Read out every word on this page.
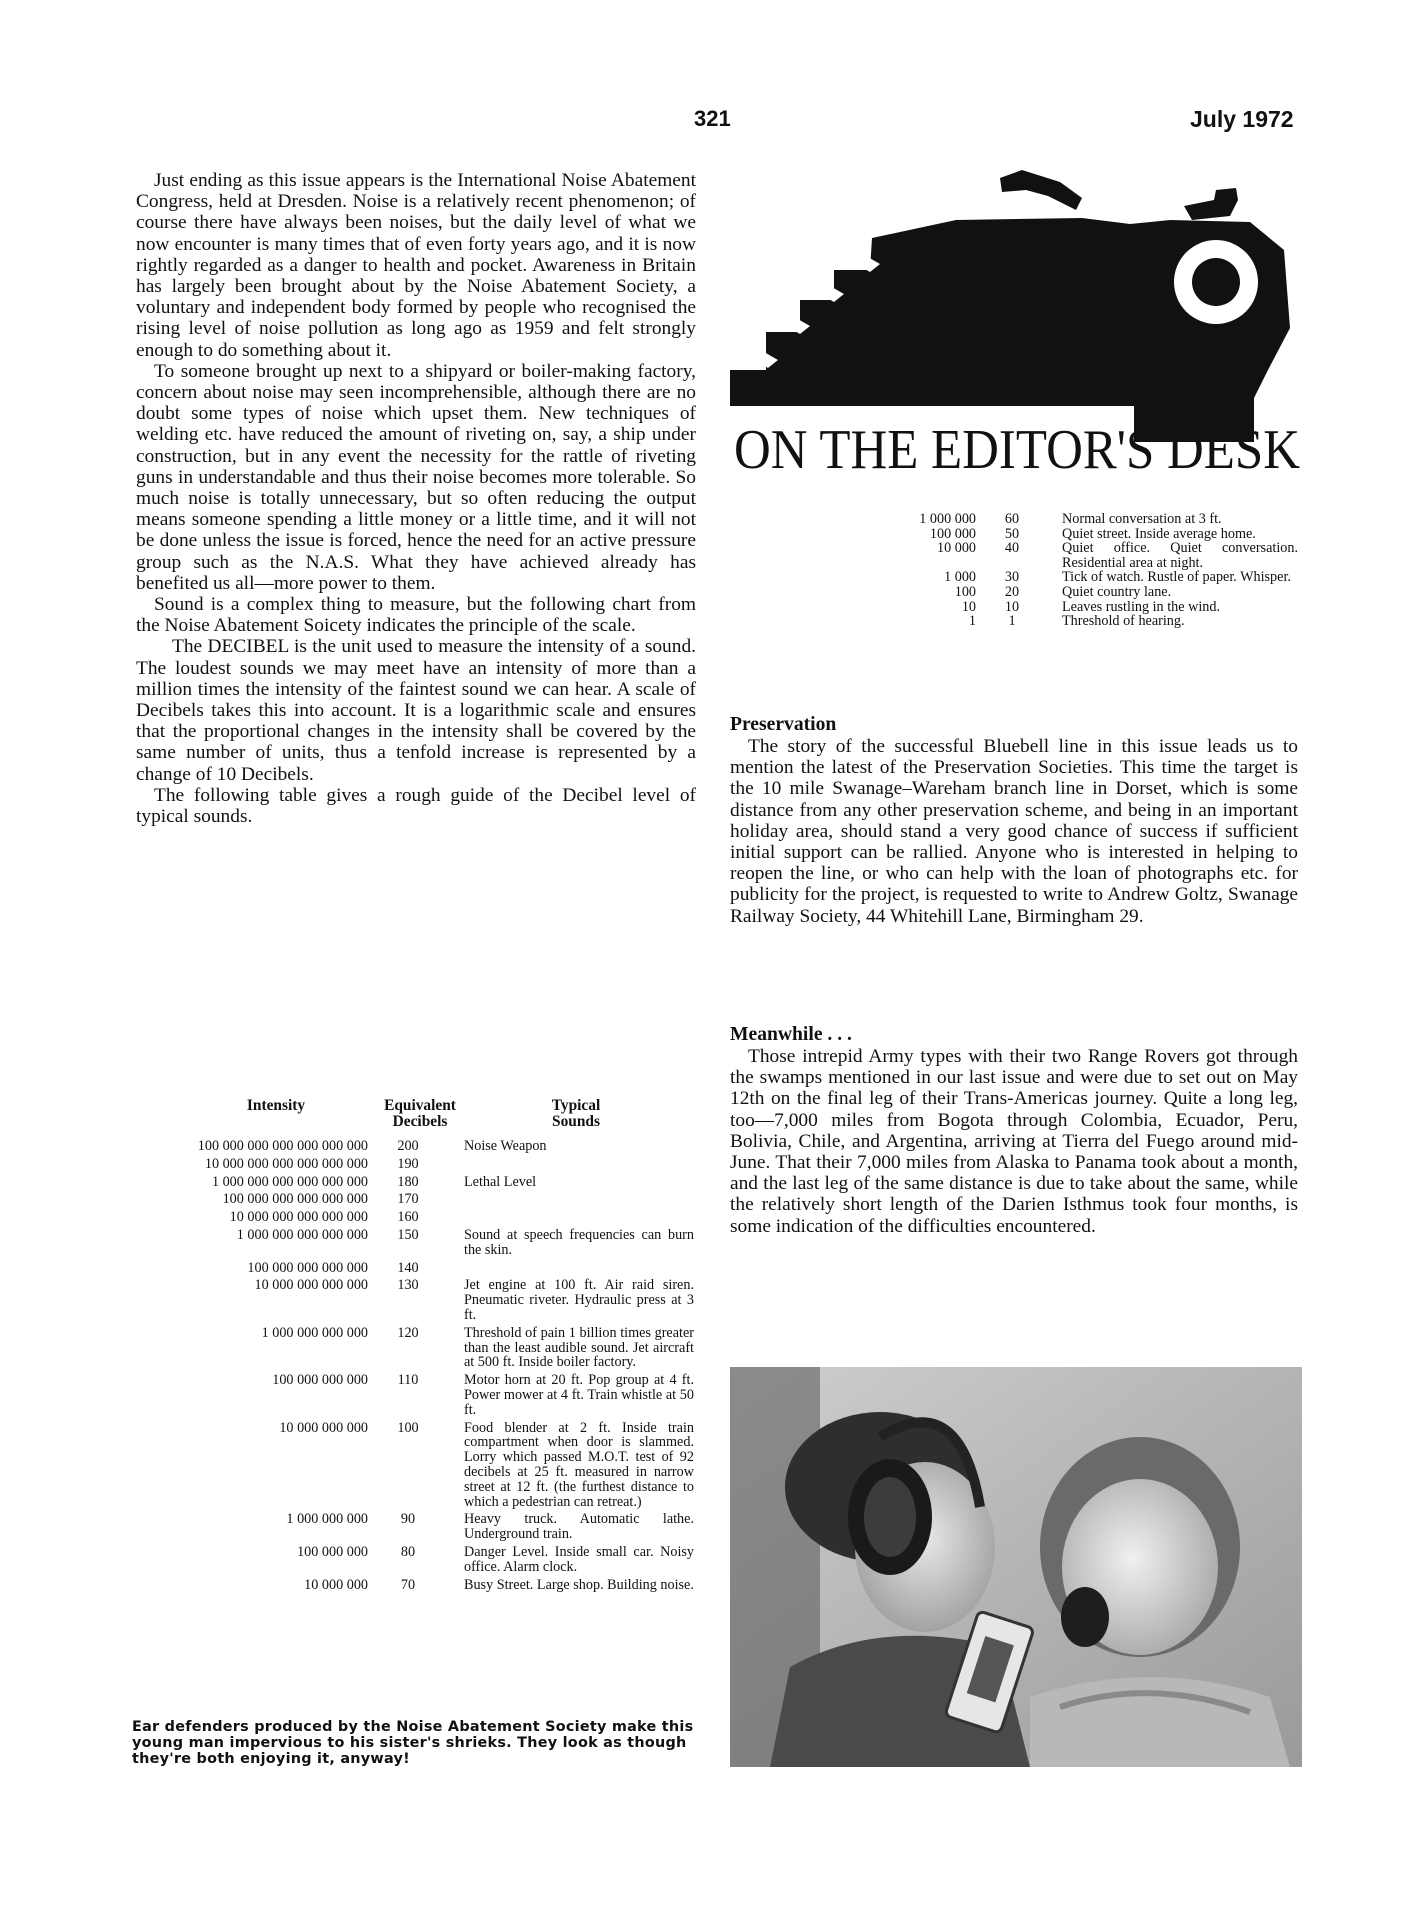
321	July 1972

Just ending as this issue appears is the International Noise Abatement Congress, held at Dresden. Noise is a relatively recent phenomenon; of course there have always been noises, but the daily level of what we now encounter is many times that of even forty years ago, and it is now rightly regarded as a danger to health and pocket. Awareness in Britain has largely been brought about by the Noise Abatement Society, a voluntary and independent body formed by people who recognised the rising level of noise pollution as long ago as 1959 and felt strongly enough to do something about it.

To someone brought up next to a shipyard or boiler-making factory, concern about noise may seen incomprehensible, although there are no doubt some types of noise which upset them. New techniques of welding etc. have reduced the amount of riveting on, say, a ship under construction, but in any event the necessity for the rattle of riveting guns in understandable and thus their noise becomes more tolerable. So much noise is totally unnecessary, but so often reducing the output means someone spending a little money or a little time, and it will not be done unless the issue is forced, hence the need for an active pressure group such as the N.A.S. What they have achieved already has benefited us all—more power to them.

Sound is a complex thing to measure, but the following chart from the Noise Abatement Soicety indicates the principle of the scale.

The DECIBEL is the unit used to measure the intensity of a sound. The loudest sounds we may meet have an intensity of more than a million times the intensity of the faintest sound we can hear. A scale of Decibels takes this into account. It is a logarithmic scale and ensures that the proportional changes in the intensity shall be covered by the same number of units, thus a tenfold increase is represented by a change of 10 Decibels.

The following table gives a rough guide of the Decibel level of typical sounds.

Intensity	Equivalent Decibels
Typical Sounds
100 000 000 000 000 000 000	200	Noise Weapon
10 000 000 000 000 000 000	190
1 000 000 000 000 000 000	180	Lethal Level
100 000 000 000 000 000	170
10 000 000 000 000 000	160
1 000 000 000 000 000	150	Sound at speech frequencies can burn the skin.
100 000 000 000 000	140
10 000 000 000 000	130	Jet engine at 100 ft. Air raid siren. Pneumatic riveter. Hydraulic press at 3 ft.
1 000 000 000 000	120	Threshold of pain 1 billion times greater than the least audible sound. Jet aircraft at 500 ft. Inside boiler factory.
100 000 000 000	110	Motor horn at 20 ft. Pop group at 4 ft. Power mower at 4 ft. Train whistle at 50 ft.
10 000 000 000	100	Food blender at 2 ft. Inside train compartment when door is slammed. Lorry which passed M.O.T. test of 92 decibels at 25 ft. measured in narrow street at 12 ft. (the furthest distance to which a pedestrian can retreat.)
1 000 000 000	90	Heavy truck. Automatic lathe. Underground train.
100 000 000	80	Danger Level. Inside small car. Noisy office. Alarm clock.
10 000 000	70	Busy Street. Large shop. Building noise.
Ear defenders produced by the Noise Abatement Society make this young man impervious to his sister's shrieks. They look as though they're both enjoying it, anyway!
ON THE EDITOR'S DESK
1 000 000	60	Normal conversation at 3 ft.
100 000	50	Quiet street. Inside average home.
10 000	40	Quiet office. Quiet conversation. Residential area at night.
1 000	30	Tick of watch. Rustle of paper. Whisper.
100	20	Quiet country lane.
10	10	Leaves rustling in the wind.
1	1	Threshold of hearing.
Preservation

The story of the successful Bluebell line in this issue leads us to mention the latest of the Preservation Societies. This time the target is the 10 mile Swanage–Wareham branch line in Dorset, which is some distance from any other preservation scheme, and being in an important holiday area, should stand a very good chance of success if sufficient initial support can be rallied. Anyone who is interested in helping to reopen the line, or who can help with the loan of photographs etc. for publicity for the project, is requested to write to Andrew Goltz, Swanage Railway Society, 44 Whitehill Lane, Birmingham 29.

Meanwhile . . .

Those intrepid Army types with their two Range Rovers got through the swamps mentioned in our last issue and were due to set out on May 12th on the final leg of their Trans-Americas journey. Quite a long leg, too—7,000 miles from Bogota through Colombia, Ecuador, Peru, Bolivia, Chile, and Argentina, arriving at Tierra del Fuego around mid-June. That their 7,000 miles from Alaska to Panama took about a month, and the last leg of the same distance is due to take about the same, while the relatively short length of the Darien Isthmus took four months, is some indication of the difficulties encountered.
